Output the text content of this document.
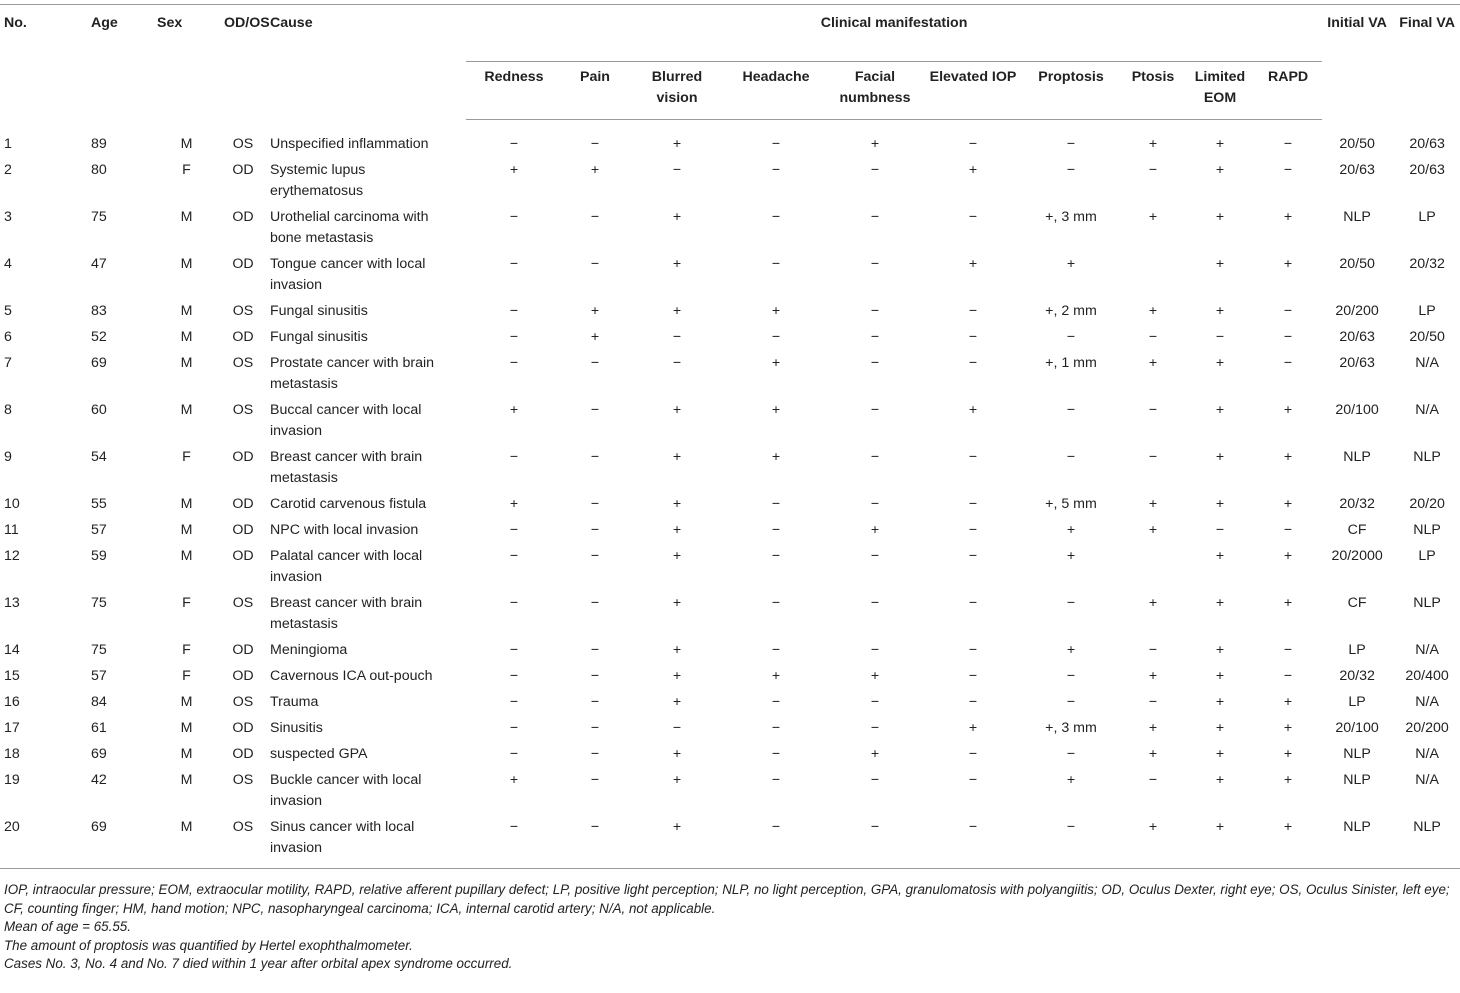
No.	Age	Sex	OD/OS	Cause	Clinical manifestation										Initial VA	Final VA
					Redness	Pain	Blurred vision	Headache	Facial numbness	Elevated IOP	Proptosis	Ptosis	Limited EOM	RAPD		
1	89	M	OS	Unspecified inflammation	−	−	+	−	+	−	−	+	+	−	20/50	20/63
2	80	F	OD	Systemic lupus erythematosus	+	+	−	−	−	+	−	−	+	−	20/63	20/63
3	75	M	OD	Urothelial carcinoma with bone metastasis	−	−	+	−	−	−	+, 3 mm	+	+	+	NLP	LP
4	47	M	OD	Tongue cancer with local invasion	−	−	+	−	−	+	+		+	+	20/50	20/32
5	83	M	OS	Fungal sinusitis	−	+	+	+	−	−	+, 2 mm	+	+	−	20/200	LP
6	52	M	OD	Fungal sinusitis	−	+	−	−	−	−	−	−	−	−	20/63	20/50
7	69	M	OS	Prostate cancer with brain metastasis	−	−	−	+	−	−	+, 1 mm	+	+	−	20/63	N/A
8	60	M	OS	Buccal cancer with local invasion	+	−	+	+	−	+	−	−	+	+	20/100	N/A
9	54	F	OD	Breast cancer with brain metastasis	−	−	+	+	−	−	−	−	+	+	NLP	NLP
10	55	M	OD	Carotid carvenous fistula	+	−	+	−	−	−	+, 5 mm	+	+	+	20/32	20/20
11	57	M	OD	NPC with local invasion	−	−	+	−	+	−	+	+	−	−	CF	NLP
12	59	M	OD	Palatal cancer with local invasion	−	−	+	−	−	−	+		+	+	20/2000	LP
13	75	F	OS	Breast cancer with brain metastasis	−	−	+	−	−	−	−	+	+	+	CF	NLP
14	75	F	OD	Meningioma	−	−	+	−	−	−	+	−	+	−	LP	N/A
15	57	F	OD	Cavernous ICA out-pouch	−	−	+	+	+	−	−	+	+	−	20/32	20/400
16	84	M	OS	Trauma	−	−	+	−	−	−	−	−	+	+	LP	N/A
17	61	M	OD	Sinusitis	−	−	−	−	−	+	+, 3 mm	+	+	+	20/100	20/200
18	69	M	OD	suspected GPA	−	−	+	−	+	−	−	+	+	+	NLP	N/A
19	42	M	OS	Buckle cancer with local invasion	+	−	+	−	−	−	+	−	+	+	NLP	N/A
20	69	M	OS	Sinus cancer with local invasion	−	−	+	−	−	−	−	+	+	+	NLP	NLP

IOP, intraocular pressure; EOM, extraocular motility, RAPD, relative afferent pupillary defect; LP, positive light perception; NLP, no light perception, GPA, granulomatosis with polyangiitis; OD, Oculus Dexter, right eye; OS, Oculus Sinister, left eye; CF, counting finger; HM, hand motion; NPC, nasopharyngeal carcinoma; ICA, internal carotid artery; N/A, not applicable.

Mean of age = 65.55.

The amount of proptosis was quantified by Hertel exophthalmometer.

Cases No. 3, No. 4 and No. 7 died within 1 year after orbital apex syndrome occurred.
